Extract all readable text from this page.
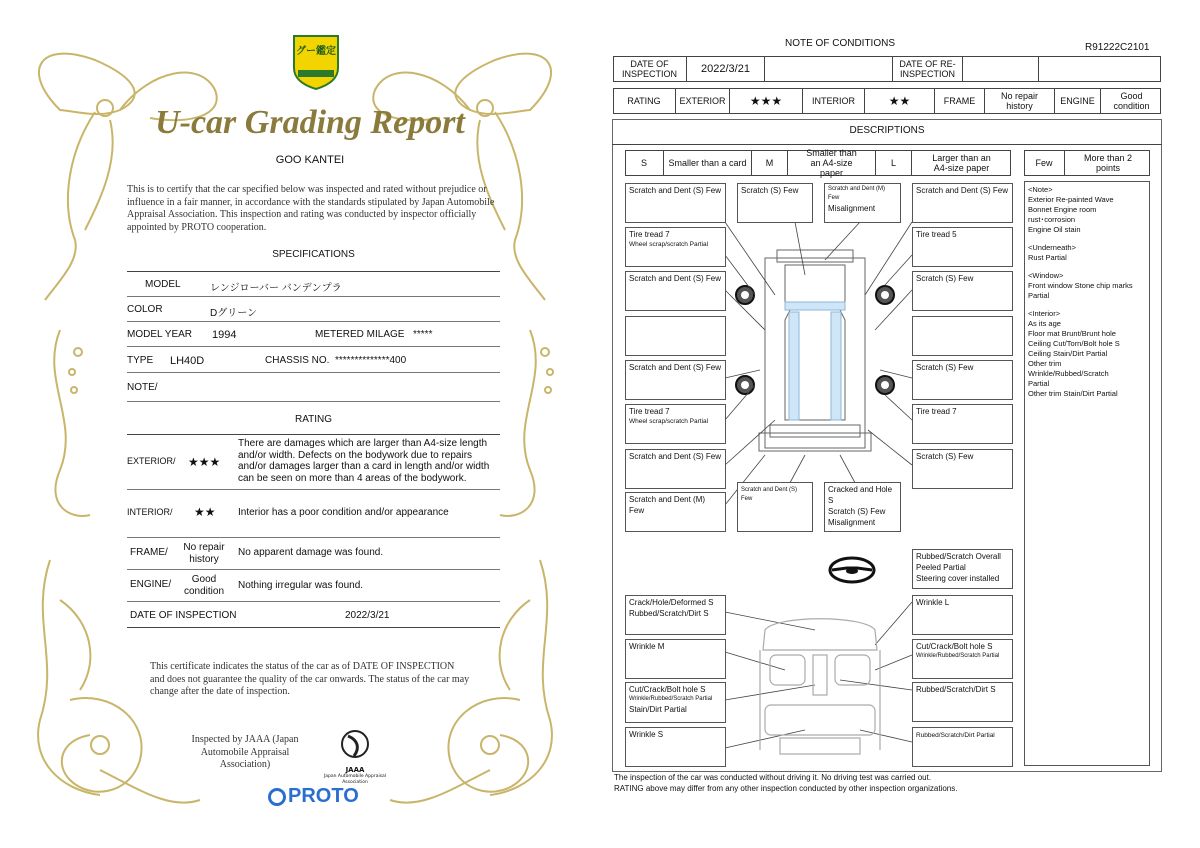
グー鑑定
U-car Grading Report
GOO KANTEI
This is to certify that the car specified below was inspected and rated without prejudice or influence in a fair manner, in accordance with the standards stipulated by Japan Automobile Appraisal Association. This inspection and rating was conducted by inspector officially appointed by PROTO cooperation.
SPECIFICATIONS
MODEL	レンジローバー バンデンプラ
COLOR	Dグリーン
MODEL YEAR 1994	METERED MILAGE *****
TYPE LH40D	CHASSIS NO. **************400
NOTE/
RATING
EXTERIOR/ ★★★
There are damages which are larger than A4-size length and/or width. Defects on the bodywork due to repairs and/or damages larger than a card in length and/or width can be seen on more than 4 areas of the bodywork.
INTERIOR/ ★★ Interior has a poor condition and/or appearance
FRAME/	No repair history
No apparent damage was found.
ENGINE/	Good condition
Nothing irregular was found.
DATE OF INSPECTION	2022/3/21
This certificate indicates the status of the car as of DATE OF INSPECTION and does not guarantee the quality of the car onwards. The status of the car may change after the date of inspection.
Inspected by JAAA (Japan Automobile Appraisal Association)	JAAA
Japan Automobile Appraisal Association
PROTO
NOTE OF CONDITIONS	R91222C2101
DATE OF INSPECTION	2022/3/21	DATE OF RE-INSPECTION
RATING	EXTERIOR	★★★	INTERIOR	★★	FRAME	No repair history	ENGINE	Good condition
DESCRIPTIONS
S	Smaller than a card	M
Smaller than an A4-size paper
L	Larger than an A4-size paper	Few	More than 2 points
Scratch and Dent (S) Few	Scratch (S) Few	Scratch and Dent (M) Few
Misalignment
Scratch and Dent (S) Few
Tire tread 7
Wheel scrap/scratch Partial
Tire tread 5
Scratch and Dent (S) Few	Scratch (S) Few
Scratch and Dent (S) Few	Scratch (S) Few
Tire tread 7
Wheel scrap/scratch Partial
Tire tread 7
Scratch and Dent (S) Few	Scratch (S) Few
Scratch and Dent (M) Few
Scratch and Dent (S) Few
Cracked and Hole S
Scratch (S) Few
Misalignment
Rubbed/Scratch Overall
Peeled Partial
Steering cover installed
Crack/Hole/Deformed S
Rubbed/Scratch/Dirt S
Wrinkle L
Wrinkle M	Cut/Crack/Bolt hole S
Wrinkle/Rubbed/Scratch Partial
Cut/Crack/Bolt hole S
Wrinkle/Rubbed/Scratch Partial
Stain/Dirt Partial
Rubbed/Scratch/Dirt S
Wrinkle S	Rubbed/Scratch/Dirt Partial
<Note>
Exterior Re-painted Wave
Bonnet Engine room
rust･corrosion
Engine Oil stain
<Underneath>
Rust Partial
<Window>
Front window Stone chip marks
Partial
<Interior>
As its age
Floor mat Brunt/Brunt hole
Ceiling Cut/Torn/Bolt hole S
Ceiling Stain/Dirt Partial
Other trim
Wrinkle/Rubbed/Scratch
Partial
Other trim Stain/Dirt Partial
The inspection of the car was conducted without driving it. No driving test was carried out.
RATING above may differ from any other inspection conducted by other inspection organizations.
